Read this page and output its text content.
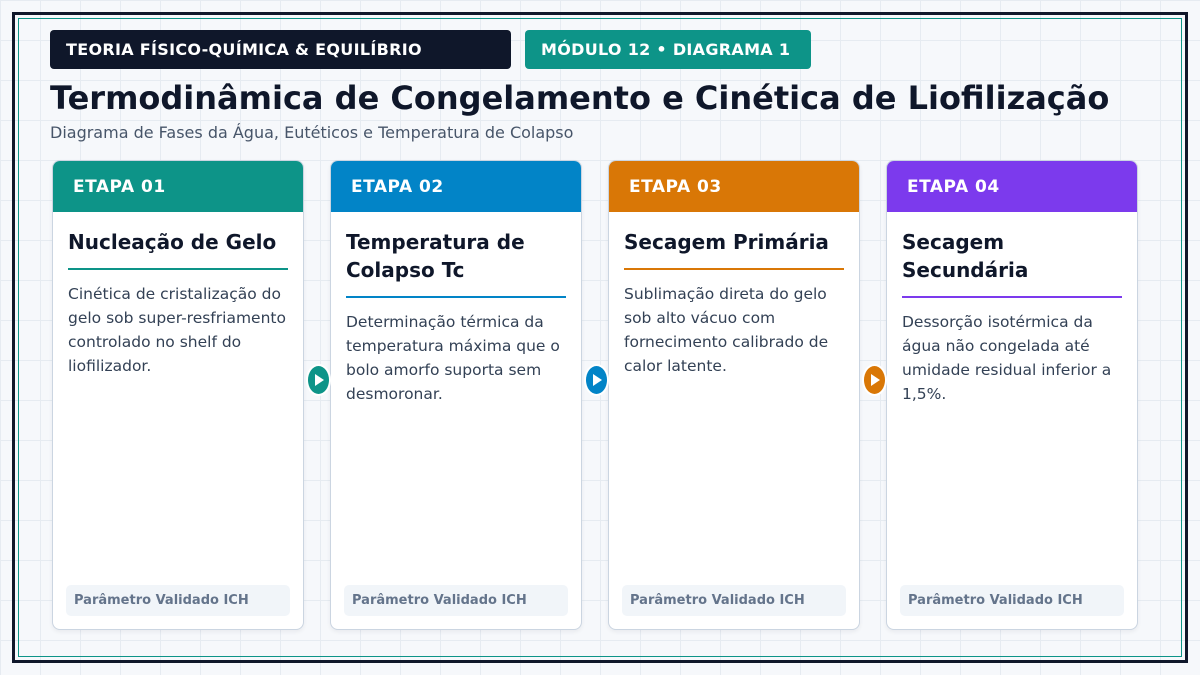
TEORIA FÍSICO-QUÍMICA & EQUILÍBRIO	MÓDULO 12 • DIAGRAMA 1
Termodinâmica de Congelamento e Cinética de Liofilização
Diagrama de Fases da Água, Eutéticos e Temperatura de Colapso
ETAPA 01
Nucleação de Gelo
Cinética de cristalização do gelo sob super-resfriamento controlado no shelf do liofilizador.
Parâmetro Validado ICH
ETAPA 02
Temperatura de Colapso Tc
Determinação térmica da temperatura máxima que o bolo amorfo suporta sem desmoronar.
Parâmetro Validado ICH
ETAPA 03
Secagem Primária
Sublimação direta do gelo sob alto vácuo com fornecimento calibrado de calor latente.
Parâmetro Validado ICH
ETAPA 04
Secagem Secundária
Dessorção isotérmica da água não congelada até umidade residual inferior a 1,5%.
Parâmetro Validado ICH
